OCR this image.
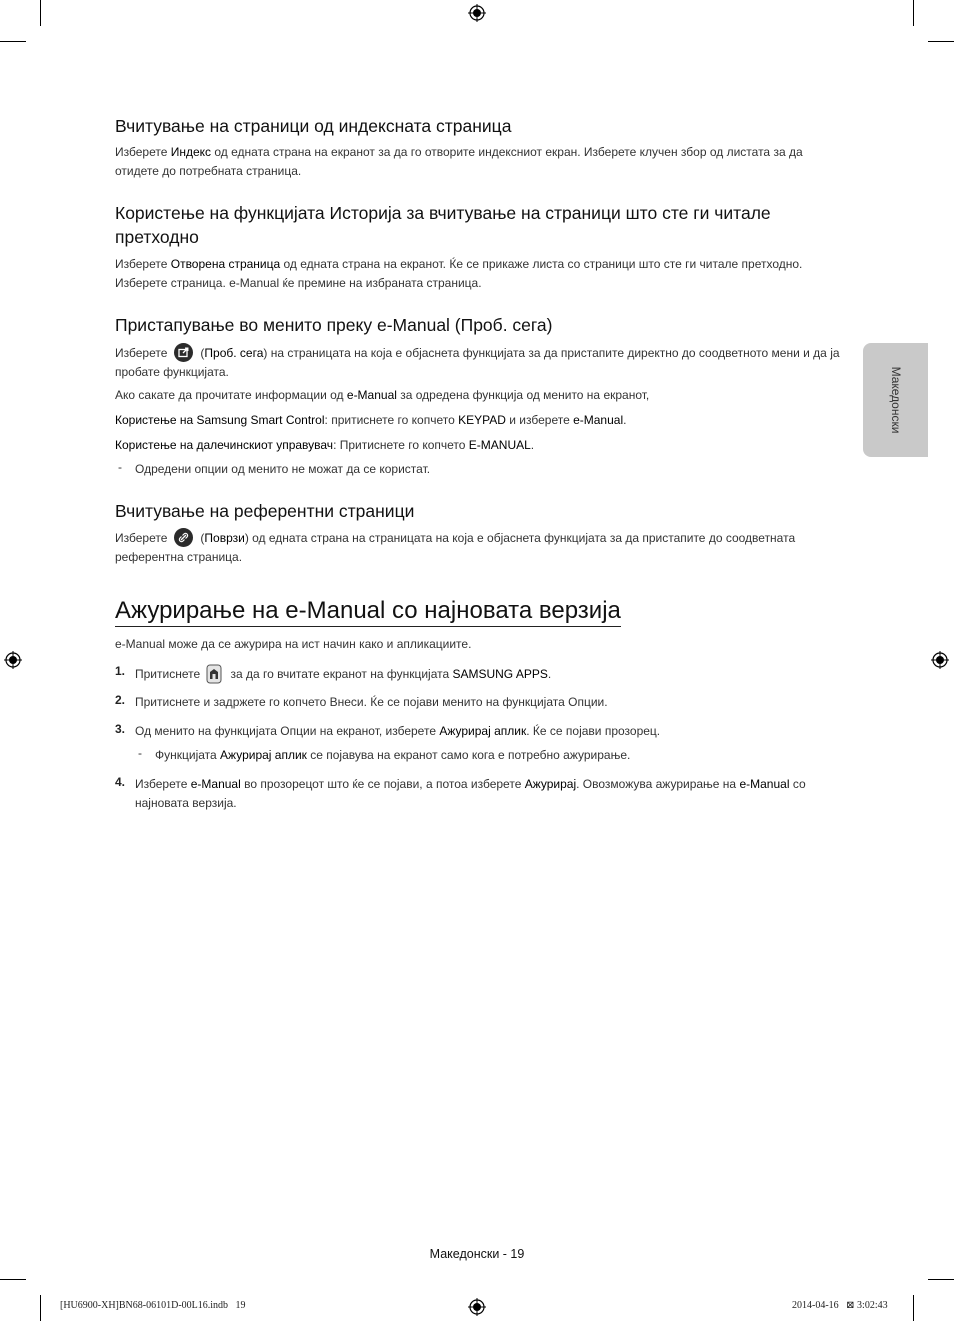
Македонски
Вчитување на страници од индексната страница
Изберете Индекс од едната страна на екранот за да го отворите индексниот екран. Изберете клучен збор од листата за да
отидете до потребната страница.
Користење на функцијата Историја за вчитување на страници што сте ги читале
претходно
Изберете Отворена страница од едната страна на екранот. Ќе се прикаже листа со страници што сте ги читале претходно.
Изберете страница. e-Manual ќе премине на избраната страница.
Пристапување во менито преку e-Manual (Проб. сега)
Изберете	(Проб. сега) на страницата на која е објаснета функцијата за да пристапите директно до соодветното мени и да ја
пробате функцијата.
Ако сакате да прочитате информации од e-Manual за одредена функција од менито на екранот,
Користење на Samsung Smart Control: притиснете го копчето KEYPAD и изберете e-Manual.
Користење на далечинскиот управувач: Притиснете го копчето E-MANUAL.
- Одредени опции од менито не можат да се користат.
Вчитување на референтни страници
Изберете	(Поврзи) од едната страна на страницата на која е објаснета функцијата за да пристапите до соодветната
референтна страница.
Ажурирање на e-Manual со најновата верзија
e-Manual може да се ажурира на ист начин како и апликациите.
1. Притиснете	за да го вчитате екранот на функцијата SAMSUNG APPS.
2. Притиснете и задржете го копчето Внеси. Ќе се појави менито на функцијата Опции.
3. Од менито на функцијата Опции на екранот, изберете Ажурирај аплик. Ќе се појави прозорец.
- Функцијата Ажурирај аплик се појавува на екранот само кога е потребно ажурирање.
4. Изберете e-Manual во прозорецот што ќе се појави, а потоа изберете Ажурирај. Овозможува ажурирање на e-Manual со
најновата верзија.
Македонски - 19
[HU6900-XH]BN68-06101D-00L16.indb   19	2014-04-16   ⊠ 3:02:43
